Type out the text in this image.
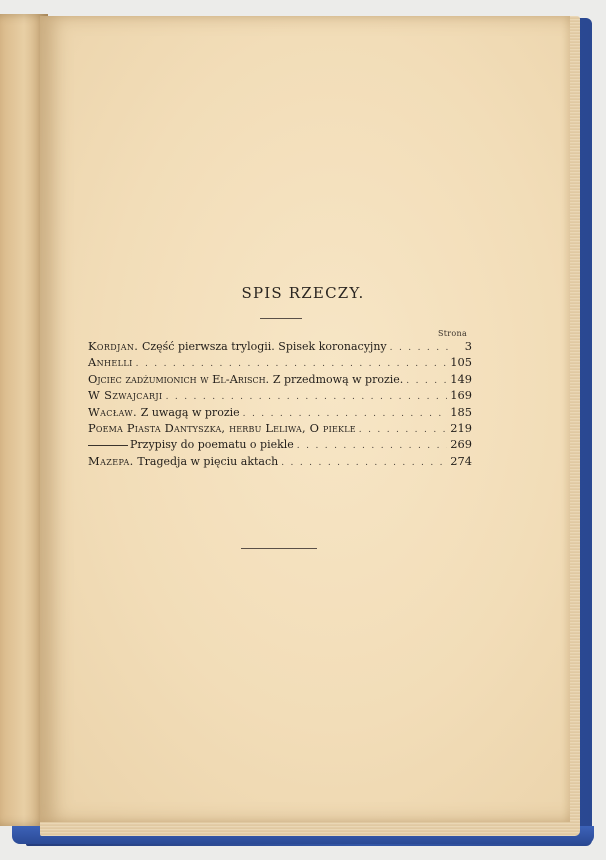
SPIS RZECZY.
Strona
Kordjan. Część pierwsza trylogii. Spisek koronacyjny . . .	3
Anhelli . . .	105
Ojciec zadżumionich w El-Arisch. Z przedmową w prozie. . . .	149
W Szwajcarji . . .	169
Wacław. Z uwagą w prozie . . .	185
Poema Piasta Dantyszka, herbu Leliwa, O piekle . . .	219
Przypisy do poematu o piekle . . .	269
Mazepa. Tragedja w pięciu aktach . . .	274
